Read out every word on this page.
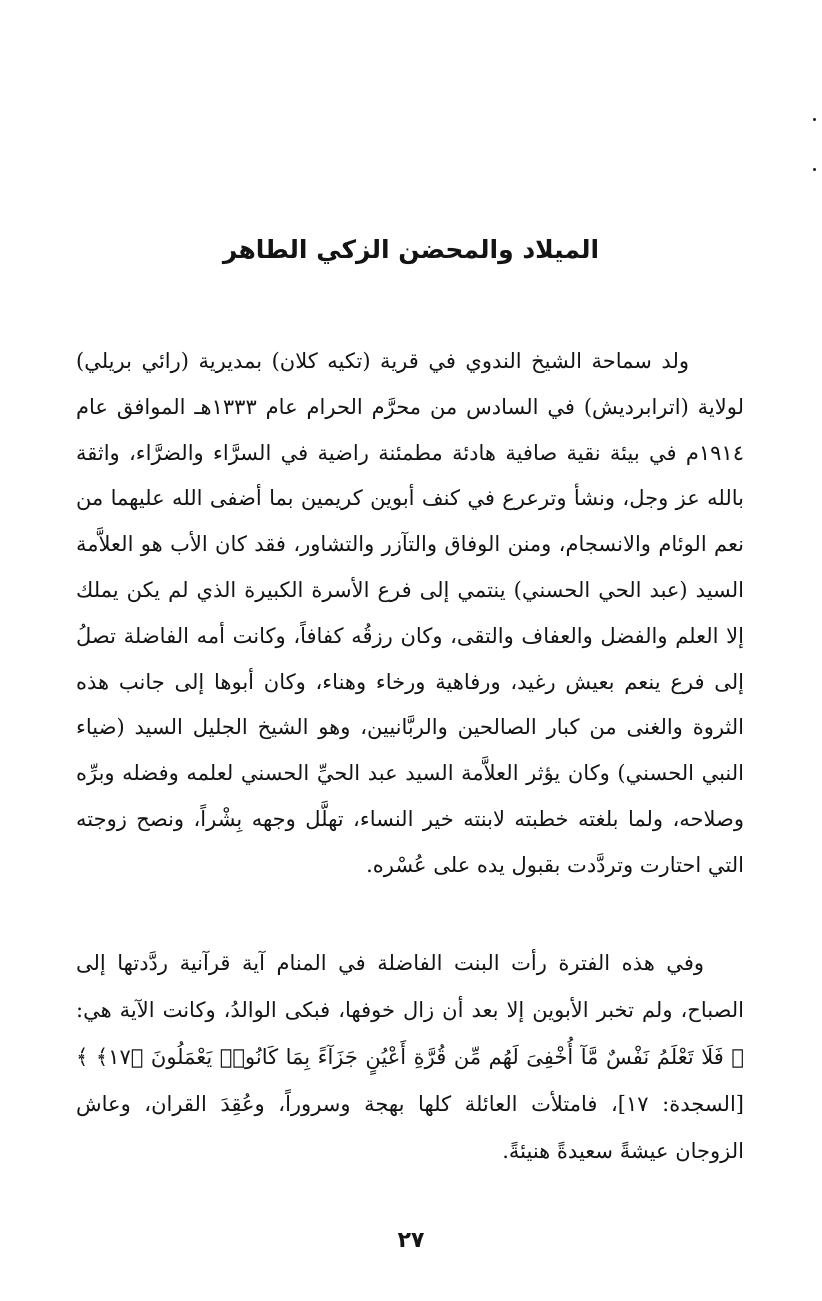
الميلاد والمحضن الزكي الطاهر

ولد سماحة الشيخ الندوي في قرية (تكيه كلان) بمديرية (رائي بريلي) لولاية (اترابرديش) في السادس من محرَّم الحرام عام ١٣٣٣هـ الموافق عام ١٩١٤م في بيئة نقية صافية هادئة مطمئنة راضية في السرَّاء والضرَّاء، واثقة بالله عز وجل، ونشأ وترعرع في كنف أبوين كريمين بما أضفى الله عليهما من نعم الوئام والانسجام، ومنن الوفاق والتآزر والتشاور، فقد كان الأب هو العلاَّمة السيد (عبد الحي الحسني) ينتمي إلى فرع الأسرة الكبيرة الذي لم يكن يملك إلا العلم والفضل والعفاف والتقى، وكان رزقُه كفافاً، وكانت أمه الفاضلة تصلُ إلى فرع ينعم بعيش رغيد، ورفاهية ورخاء وهناء، وكان أبوها إلى جانب هذه الثروة والغنى من كبار الصالحين والربَّانيين، وهو الشيخ الجليل السيد (ضياء النبي الحسني) وكان يؤثر العلاَّمة السيد عبد الحيِّ الحسني لعلمه وفضله وبرِّه وصلاحه، ولما بلغته خطبته لابنته خير النساء، تهلَّل وجهه بِشْراً، ونصح زوجته التي احتارت وتردَّدت بقبول يده على عُسْره.

وفي هذه الفترة رأت البنت الفاضلة في المنام آية قرآنية ردَّدتها إلى الصباح، ولم تخبر الأبوين إلا بعد أن زال خوفها، فبكى الوالدُ، وكانت الآية هي: ﴿ فَلَا تَعْلَمُ نَفْسٌ مَّآ أُخْفِىَ لَهُم مِّن قُرَّةِ أَعْيُنٍ جَزَآءً بِمَا كَانُوا۟ يَعْمَلُونَ ﴿١٧﴾ ﴾ [السجدة: ١٧]، فامتلأت العائلة كلها بهجة وسروراً، وعُقِدَ القران، وعاش الزوجان عيشةً سعيدةً هنيئةً.

٢٧
